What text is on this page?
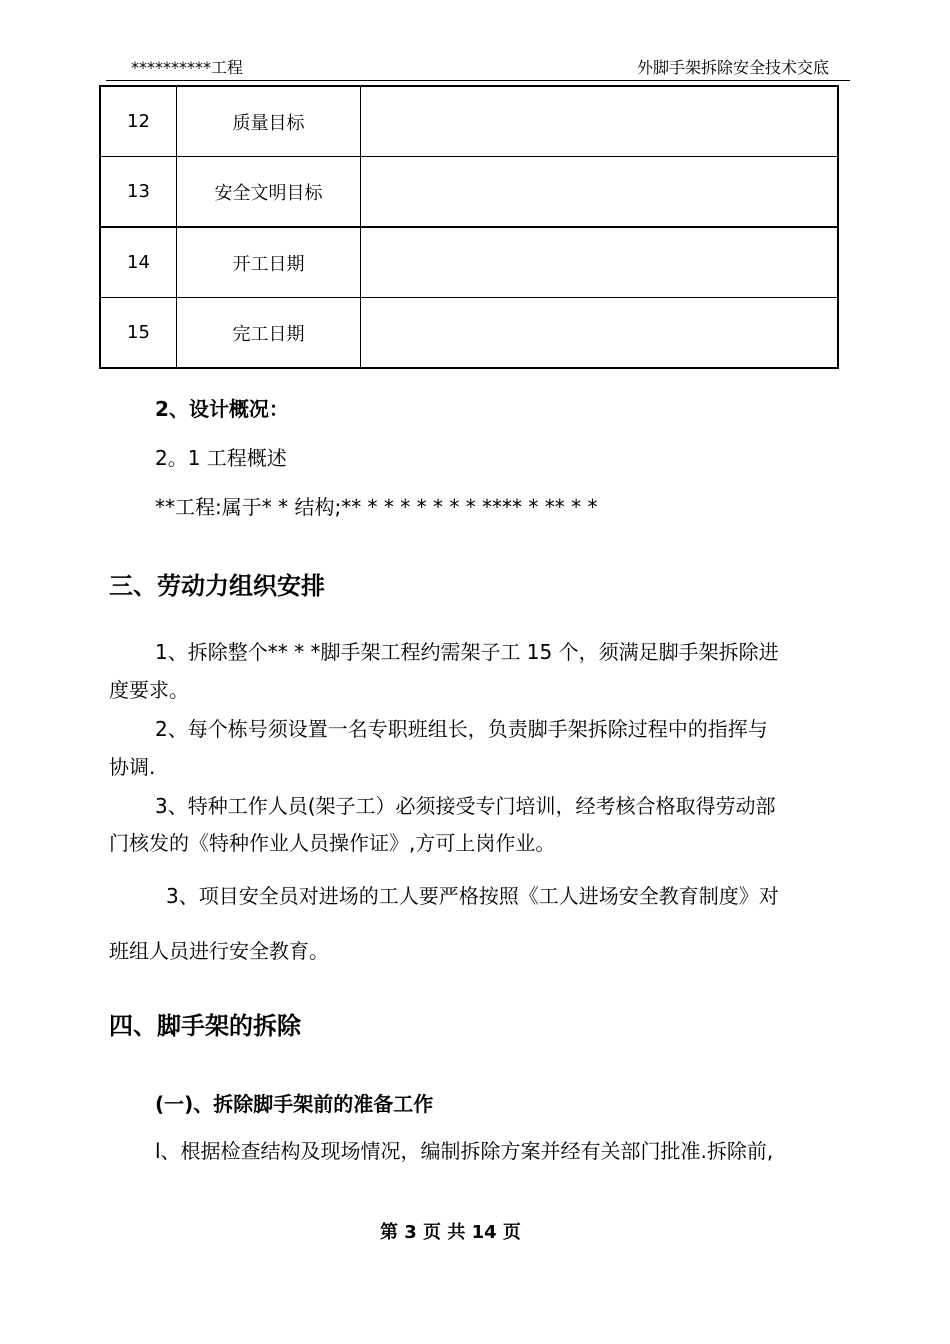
**********工程	外脚手架拆除安全技术交底
12	质量目标	
13	安全文明目标	
14	开工日期	
15	完工日期	
2、设计概况：
2。1 工程概述
**工程:属于* * 结构;** * * * * * * * **** * ** * *
三、劳动力组织安排
1、拆除整个** * *脚手架工程约需架子工 15 个，须满足脚手架拆除进
度要求。
2、每个栋号须设置一名专职班组长，负责脚手架拆除过程中的指挥与
协调.
3、特种工作人员(架子工）必须接受专门培训，经考核合格取得劳动部
门核发的《特种作业人员操作证》,方可上岗作业。
3、项目安全员对进场的工人要严格按照《工人进场安全教育制度》对
班组人员进行安全教育。
四、脚手架的拆除
(一)、拆除脚手架前的准备工作
l、根据检查结构及现场情况，编制拆除方案并经有关部门批准.拆除前,
第 3 页 共 14 页
